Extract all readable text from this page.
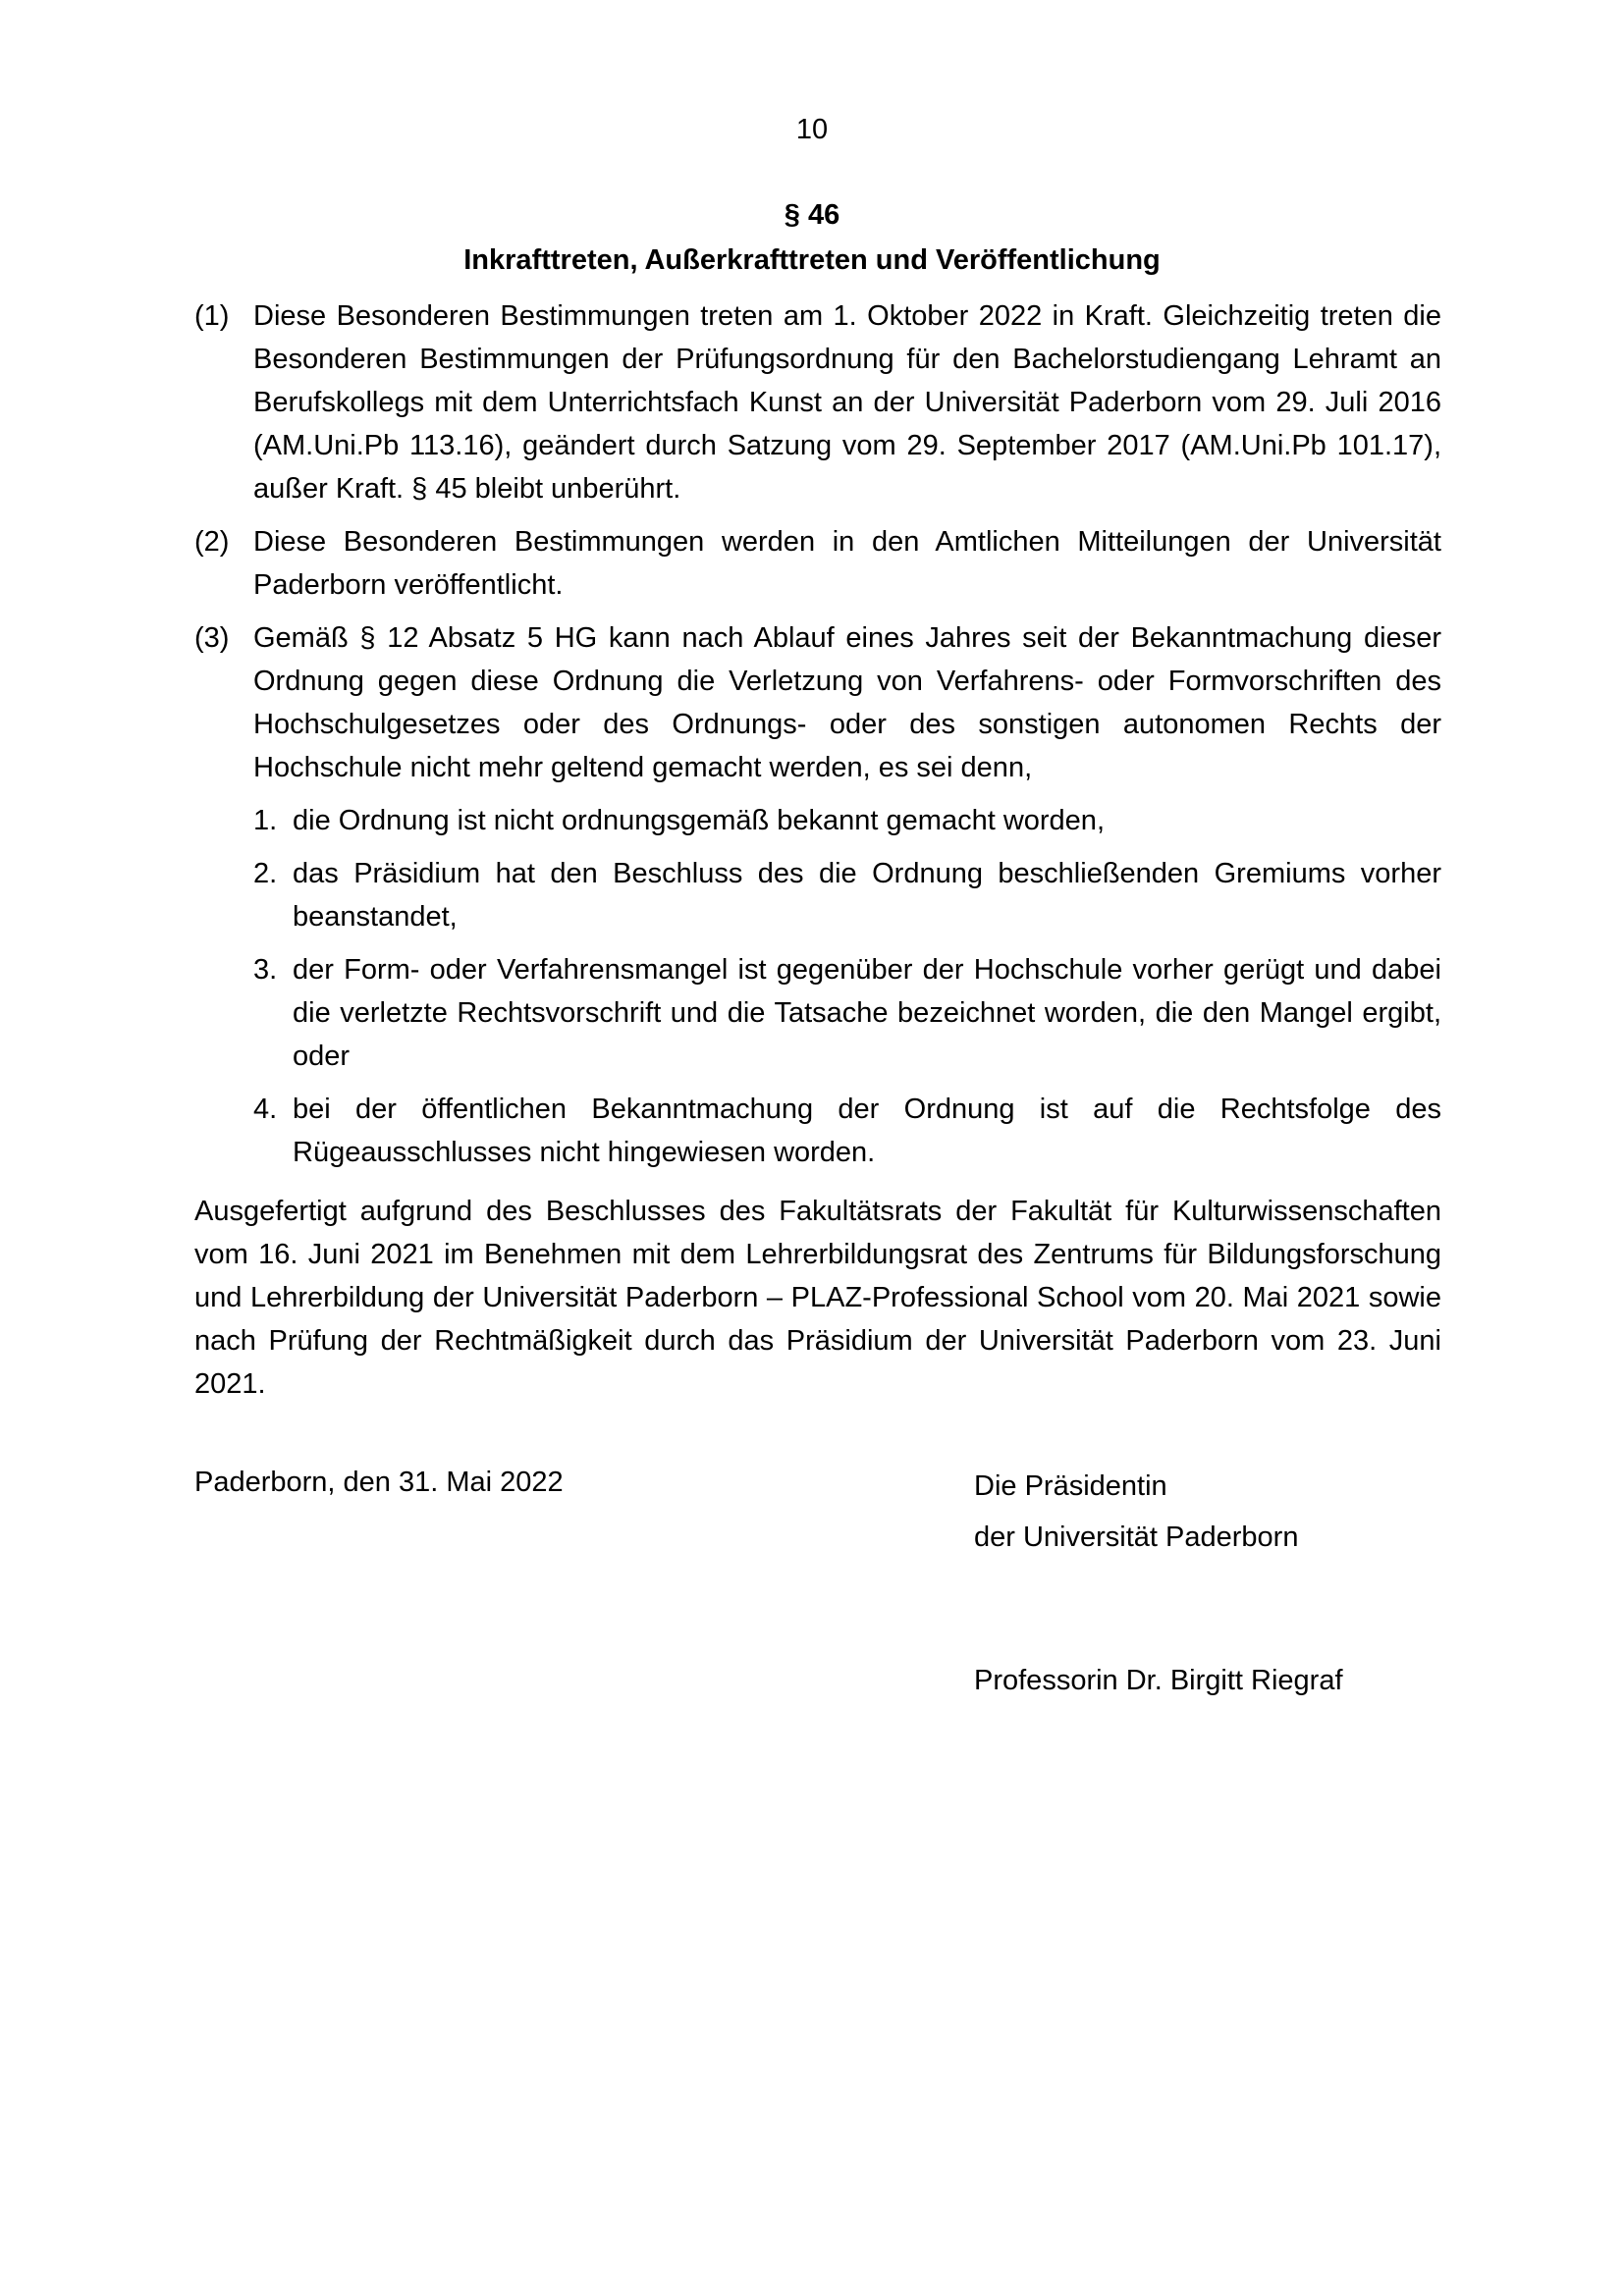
10
§ 46
Inkrafttreten, Außerkrafttreten und Veröffentlichung
(1) Diese Besonderen Bestimmungen treten am 1. Oktober 2022 in Kraft. Gleichzeitig treten die Besonderen Bestimmungen der Prüfungsordnung für den Bachelorstudiengang Lehramt an Berufskollegs mit dem Unterrichtsfach Kunst an der Universität Paderborn vom 29. Juli 2016 (AM.Uni.Pb 113.16), geändert durch Satzung vom 29. September 2017 (AM.Uni.Pb 101.17), außer Kraft. § 45 bleibt unberührt.
(2) Diese Besonderen Bestimmungen werden in den Amtlichen Mitteilungen der Universität Paderborn veröffentlicht.
(3) Gemäß § 12 Absatz 5 HG kann nach Ablauf eines Jahres seit der Bekanntmachung dieser Ordnung gegen diese Ordnung die Verletzung von Verfahrens- oder Formvorschriften des Hochschulgesetzes oder des Ordnungs- oder des sonstigen autonomen Rechts der Hochschule nicht mehr geltend gemacht werden, es sei denn,
1. die Ordnung ist nicht ordnungsgemäß bekannt gemacht worden,
2. das Präsidium hat den Beschluss des die Ordnung beschließenden Gremiums vorher beanstandet,
3. der Form- oder Verfahrensmangel ist gegenüber der Hochschule vorher gerügt und dabei die verletzte Rechtsvorschrift und die Tatsache bezeichnet worden, die den Mangel ergibt, oder
4. bei der öffentlichen Bekanntmachung der Ordnung ist auf die Rechtsfolge des Rügeausschlusses nicht hingewiesen worden.
Ausgefertigt aufgrund des Beschlusses des Fakultätsrats der Fakultät für Kulturwissenschaften vom 16. Juni 2021 im Benehmen mit dem Lehrerbildungsrat des Zentrums für Bildungsforschung und Lehrerbildung der Universität Paderborn – PLAZ-Professional School vom 20. Mai 2021 sowie nach Prüfung der Rechtmäßigkeit durch das Präsidium der Universität Paderborn vom 23. Juni 2021.
Paderborn, den 31. Mai 2022	Die Präsidentin
der Universität Paderborn
Professorin Dr. Birgitt Riegraf
